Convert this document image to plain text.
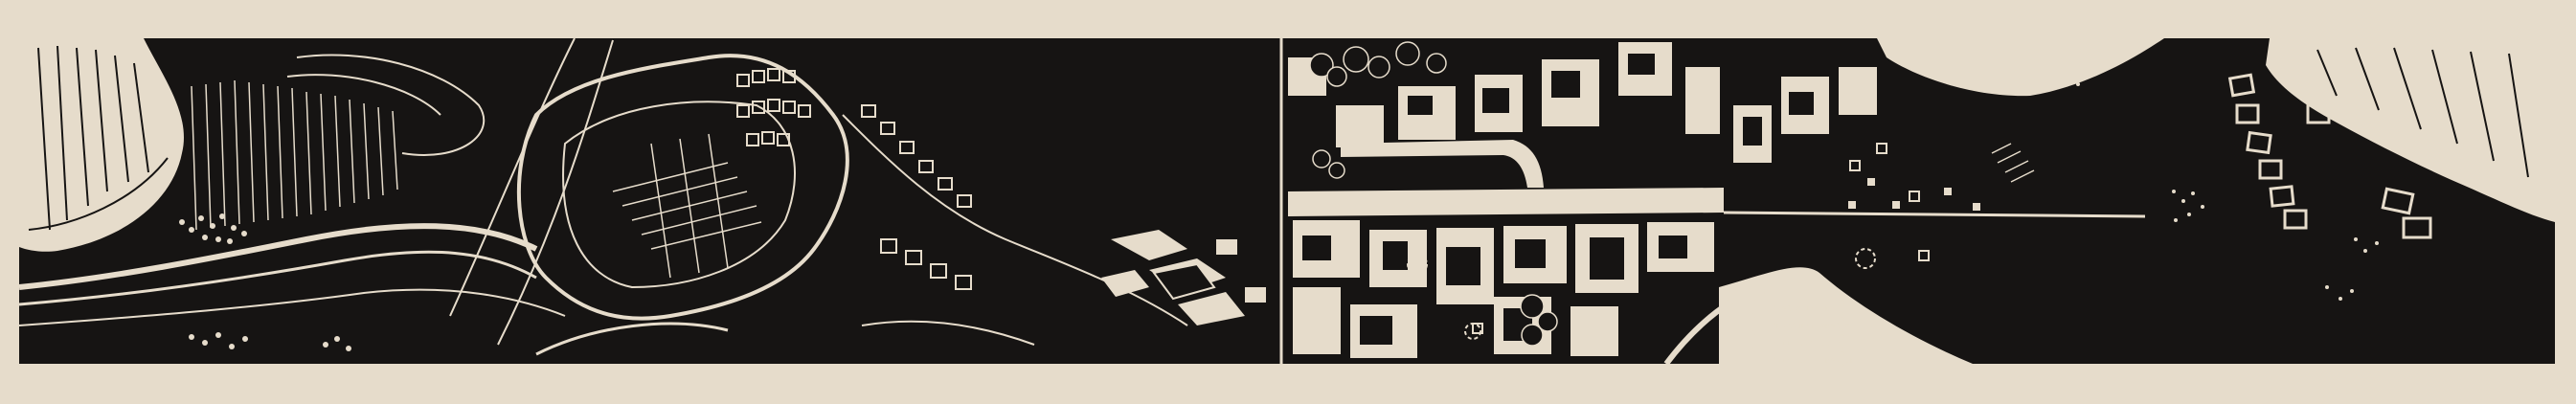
KEY
PLACES LIVED
PERMANENT SPACES
BUILDINGS USED
POINT OF DEPARTURE
